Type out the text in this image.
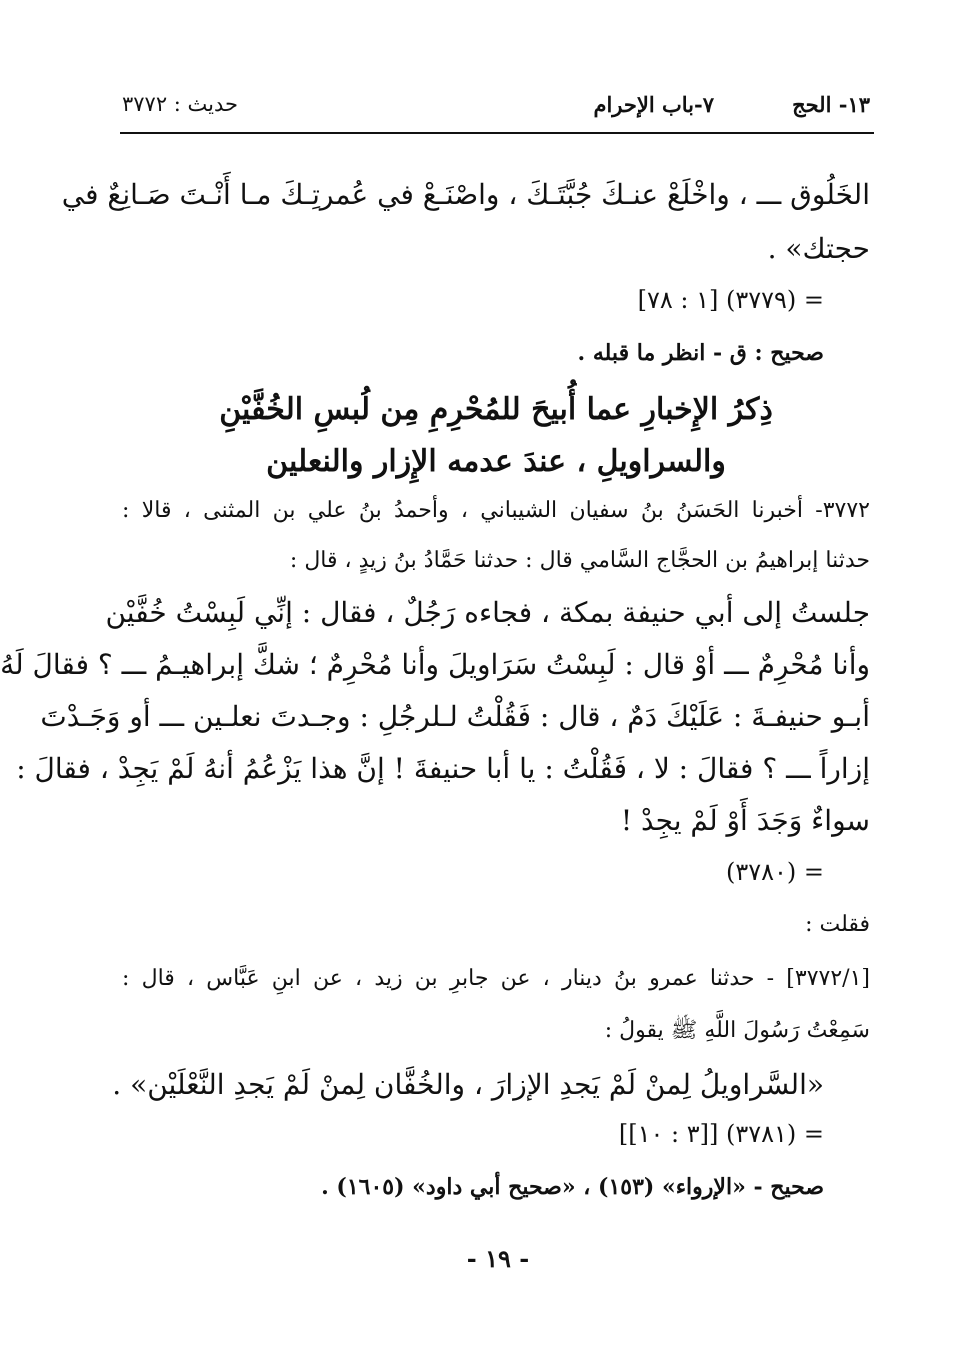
١٣- الحج
٧-باب الإحرام
حديث : ٣٧٧٢
الخَلُوق ـــ ، واخْلَعْ عنـكَ جُبَّتَـكَ ، واصْنَـعْ في عُمرتِـكَ مـا أَنْـتَ صَـانِعٌ في
حجتك» .
= (٣٧٧٩) [١ : ٧٨]
صحيح : ق - انظر ما قبله .
ذِكرُ الإِخبارِ عما أُبيحَ للمُحْرِمِ مِن لُبسِ الخُفَّيْنِ
والسراويلِ ، عندَ عدمه الإِزار والنعلين
٣٧٧٢- أخبرنا الحَسَنُ بنُ سفيان الشيباني ، وأحمدُ بنُ علي بن المثنى ، قالا :
حدثنا إبراهيمُ بن الحجَّاج السَّامي قال : حدثنا حَمَّادُ بنُ زيدٍ ، قال :
جلستُ إلى أبي حنيفة بمكة ، فجاءه رَجُلٌ ، فقال : إنِّي لَبِسْتُ خُفَّيْن
وأنا مُحْرِمٌ ـــ أوْ قال : لَبِسْتُ سَرَاويلَ وأنا مُحْرِمٌ ؛ شكَّ إبراهيـمُ ـــ ؟ فقالَ لَهُ
أبـو حنيفـةَ : عَلَيْكَ دَمٌ ، قال : فَقُلْتُ لـلرجُلِ : وجـدتَ نعلـين ـــ أو وَجَـدْتَ
إزاراً ـــ ؟ فقالَ : لا ، فَقُلْتُ : يا أبا حنيفةَ ! إنَّ هذا يَزْعُمُ أنهُ لَمْ يَجِدْ ، فقالَ :
سواءٌ وَجَدَ أَوْ لَمْ يجِدْ !
= (٣٧٨٠)
فقلت :
[٣٧٧٢/١] - حدثنا عمرو بنُ دينار ، عن جابرِ بن زيد ، عن ابنِ عَبَّاس ، قال :
سَمِعْتُ رَسُولَ اللَّهِ ﷺ يقولُ :
«السَّراويلُ لِمنْ لَمْ يَجدِ الإزارَ ، والخُفَّان لِمنْ لَمْ يَجدِ النَّعْلَيْن» .
= (٣٧٨١) [[٣ : ١٠]]
صحيح - «الإرواء» (١٥٣) ، «صحيح أبي داود» (١٦٠٥) .
- ١٩ -
